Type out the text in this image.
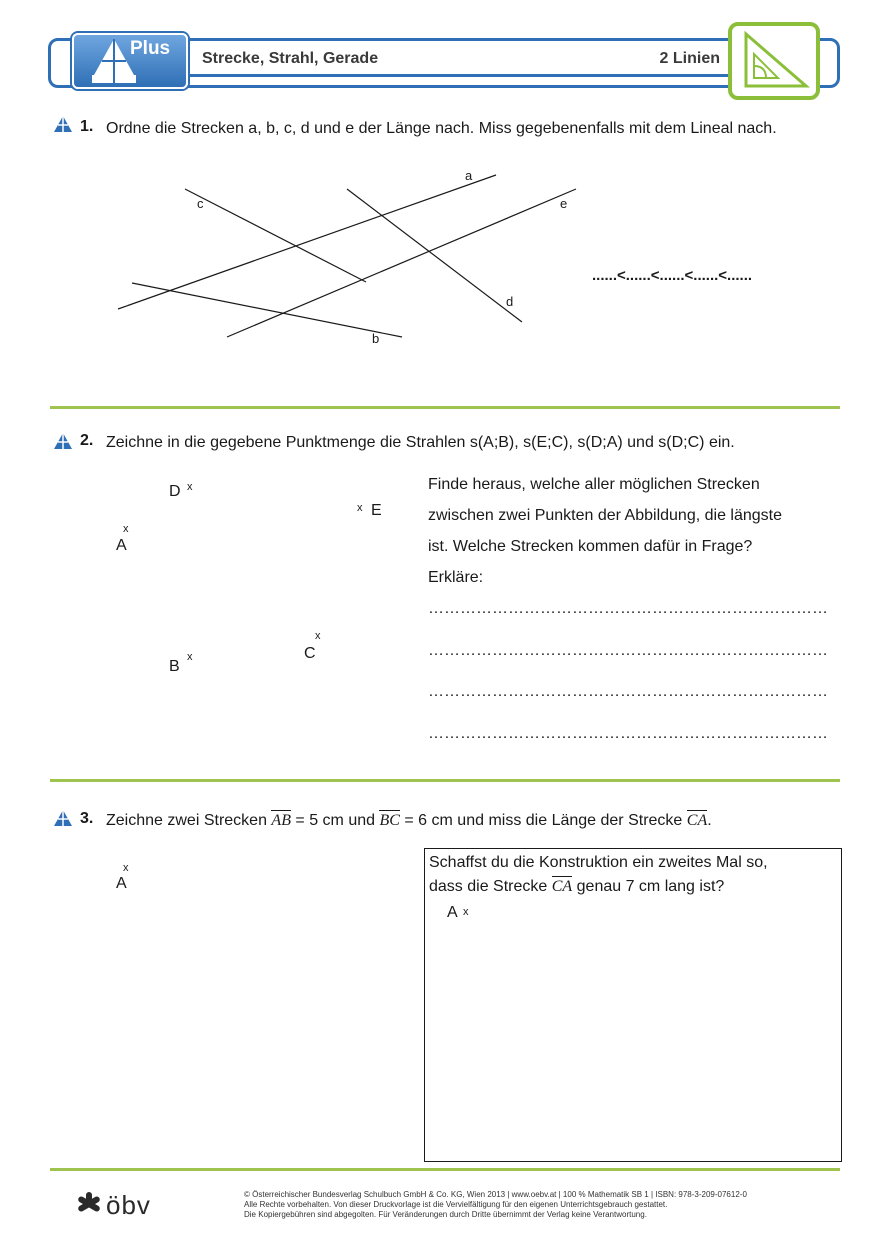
Plus Strecke, Strahl, Gerade	2 Linien
1. Ordne die Strecken a, b, c, d und e der Länge nach. Miss gegebenenfalls mit dem Lineal nach.
a
b
c
d
e
......<......<......<......<......
2. Zeichne in die gegebene Punktmenge die Strahlen s(A;B), s(E;C), s(D;A) und s(D;C) ein.
D x
x E
x
A
x
C
B
x
Finde heraus, welche aller möglichen Strecken
zwischen zwei Punkten der Abbildung, die längste
ist. Welche Strecken kommen dafür in Frage?
Erkläre:
…………………………………………………………………
…………………………………………………………………
…………………………………………………………………
…………………………………………………………………
3. Zeichne zwei Strecken AB = 5 cm und BC = 6 cm und miss die Länge der Strecke CA.
x
A
Schaffst du die Konstruktion ein zweites Mal so,
dass die Strecke CA genau 7 cm lang ist?
A x
öbv	© Österreichischer Bundesverlag Schulbuch GmbH & Co. KG, Wien 2013 | www.oebv.at | 100 % Mathematik SB 1 | ISBN: 978-3-209-07612-0
Alle Rechte vorbehalten. Von dieser Druckvorlage ist die Vervielfältigung für den eigenen Unterrichtsgebrauch gestattet.
Die Kopiergebühren sind abgegolten. Für Veränderungen durch Dritte übernimmt der Verlag keine Verantwortung.
